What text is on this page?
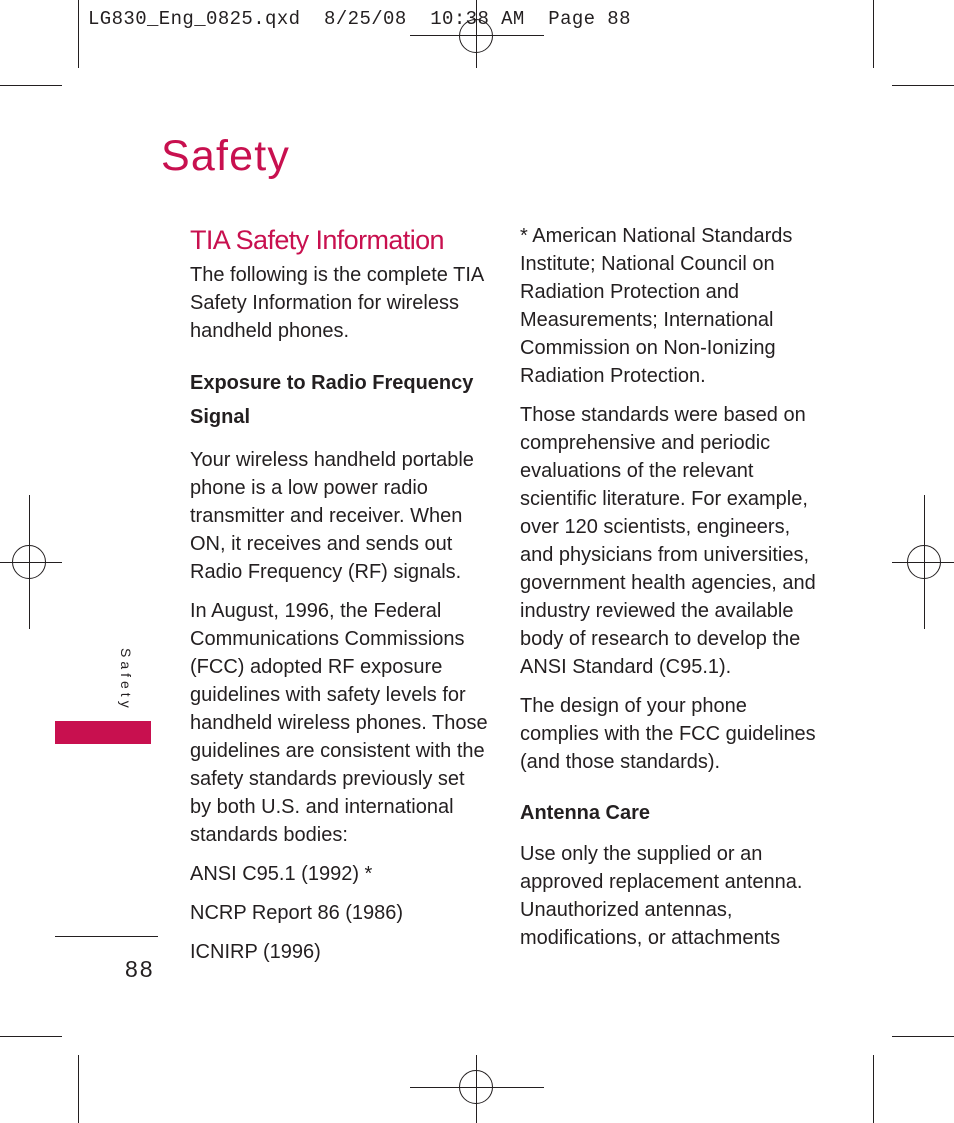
LG830_Eng_0825.qxd  8/25/08  10:38 AM  Page 88
Safety
TIA Safety Information

The following is the complete TIA Safety Information for wireless handheld phones.

Exposure to Radio Frequency Signal

Your wireless handheld portable phone is a low power radio transmitter and receiver. When ON, it receives and sends out Radio Frequency (RF) signals.

In August, 1996, the Federal Communications Commissions (FCC) adopted RF exposure guidelines with safety levels for handheld wireless phones. Those guidelines are consistent with the safety standards previously set by both U.S. and international standards bodies:

ANSI C95.1 (1992) *

NCRP Report 86 (1986)

ICNIRP (1996)

* American National Standards Institute; National Council on Radiation Protection and Measurements; International Commission on Non-Ionizing Radiation Protection.

Those standards were based on comprehensive and periodic evaluations of the relevant scientific literature. For example, over 120 scientists, engineers, and physicians from universities, government health agencies, and industry reviewed the available body of research to develop the ANSI Standard (C95.1).

The design of your phone complies with the FCC guidelines (and those standards).

Antenna Care

Use only the supplied or an approved replacement antenna. Unauthorized antennas, modifications, or attachments

Safety
88
